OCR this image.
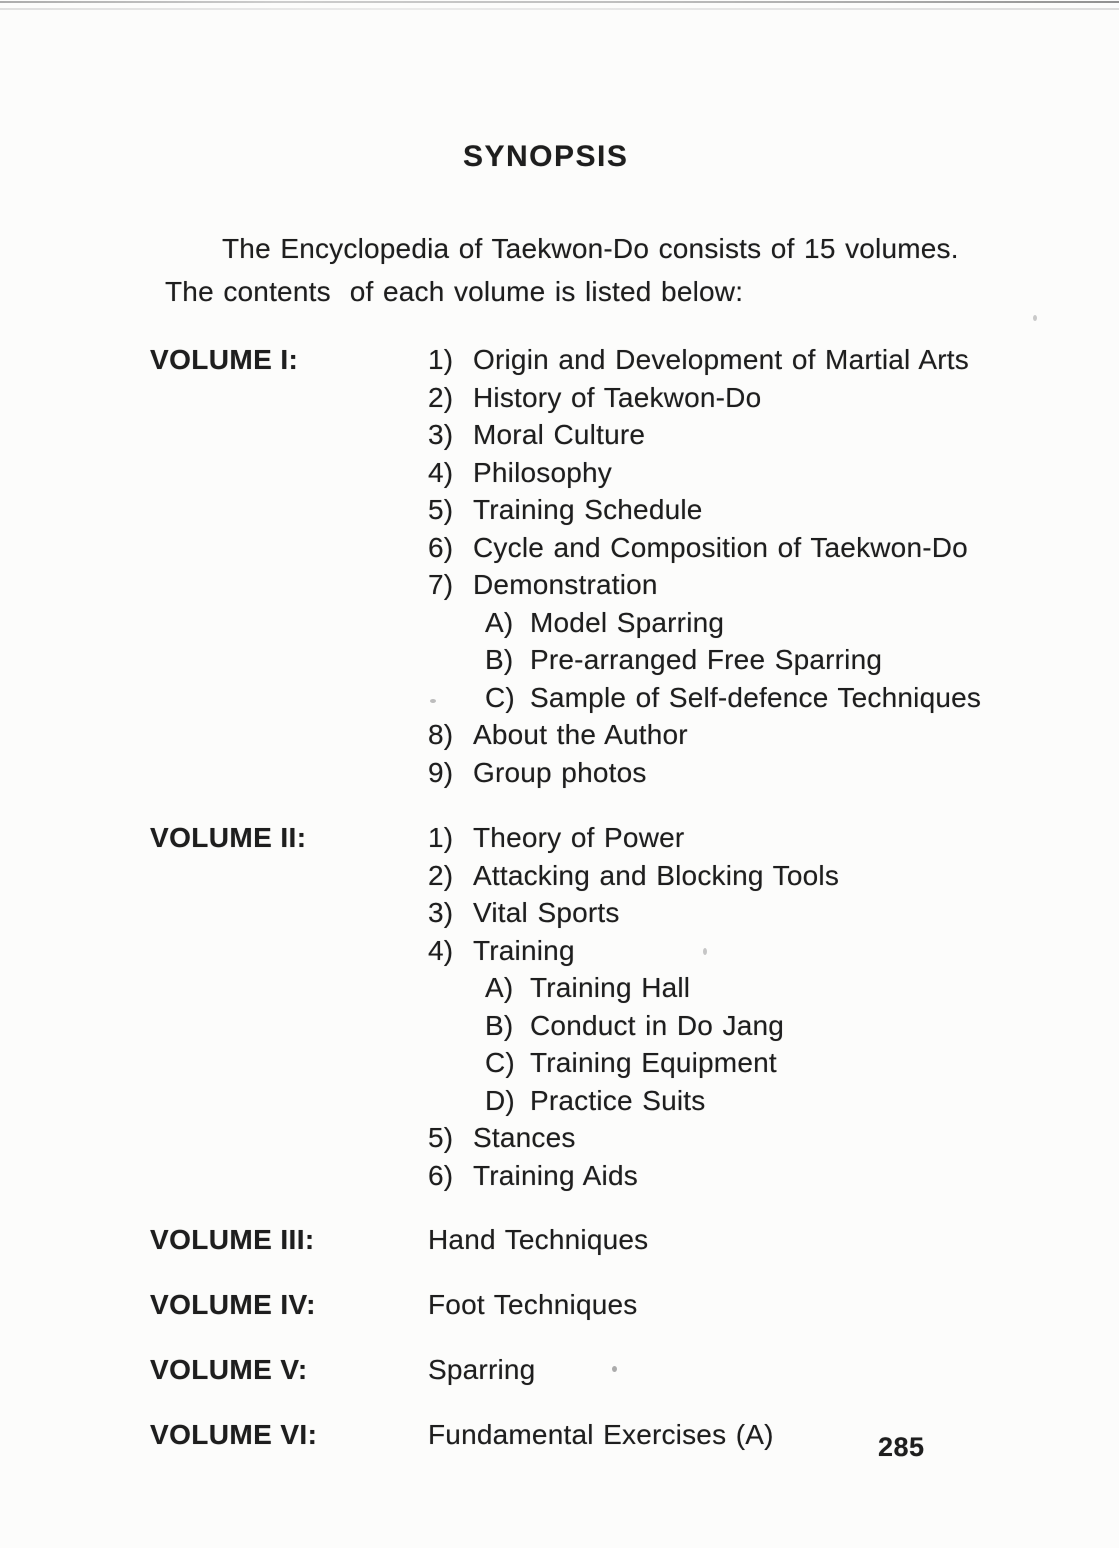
SYNOPSIS

The Encyclopedia of Taekwon-Do consists of 15 volumes.

The contents  of each volume is listed below:

VOLUME I:	1) Origin and Development of Martial Arts
2) History of Taekwon-Do
3) Moral Culture
4) Philosophy
5) Training Schedule
6) Cycle and Composition of Taekwon-Do
7) Demonstration
A) Model Sparring
B) Pre-arranged Free Sparring
C) Sample of Self-defence Techniques
8) About the Author
9) Group photos
VOLUME II:	1) Theory of Power
2) Attacking and Blocking Tools
3) Vital Sports
4) Training
A) Training Hall
B) Conduct in Do Jang
C) Training Equipment
D) Practice Suits
5) Stances
6) Training Aids
VOLUME III:	Hand Techniques
VOLUME IV:	Foot Techniques
VOLUME V:	Sparring
VOLUME VI:	Fundamental Exercises (A)	285
